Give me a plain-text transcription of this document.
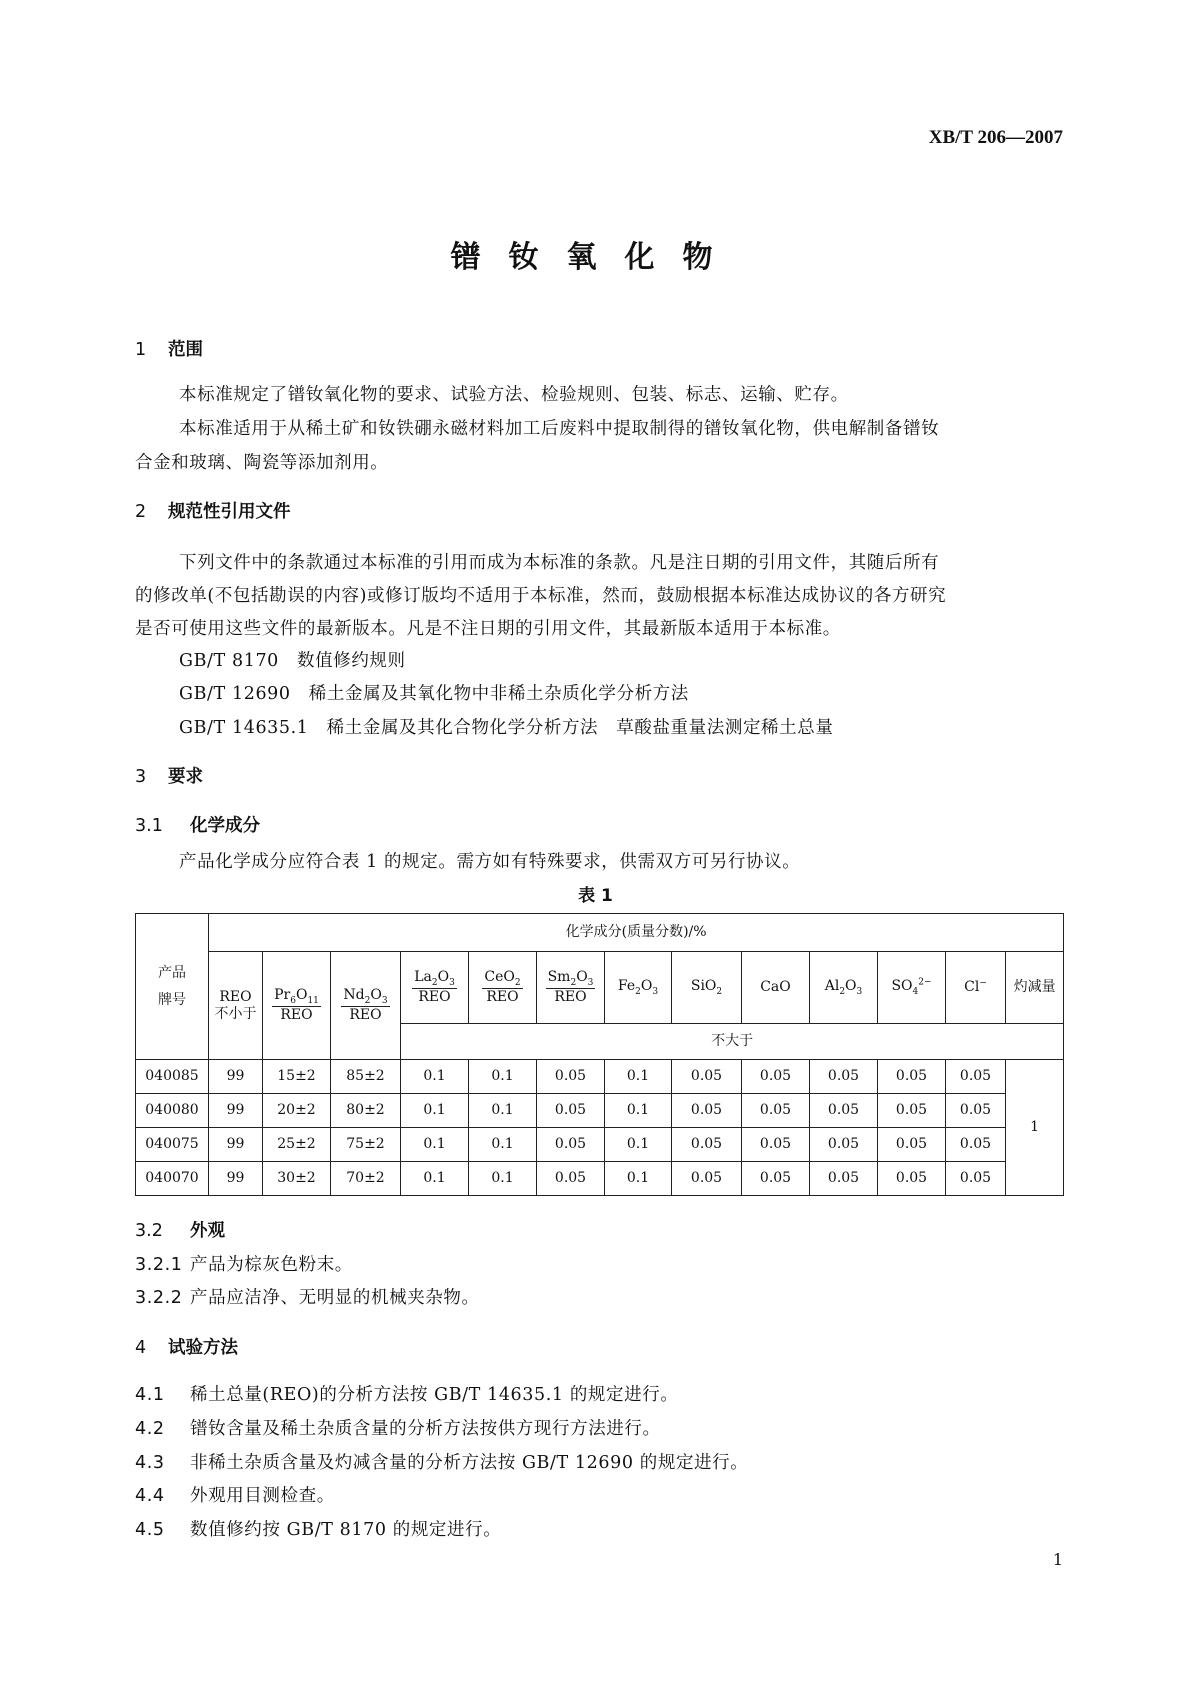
XB/T 206—2007
镨钕氧化物
1 范围
本标准规定了镨钕氧化物的要求、试验方法、检验规则、包装、标志、运输、贮存。
本标准适用于从稀土矿和钕铁硼永磁材料加工后废料中提取制得的镨钕氧化物，供电解制备镨钕
合金和玻璃、陶瓷等添加剂用。
2 规范性引用文件
下列文件中的条款通过本标准的引用而成为本标准的条款。凡是注日期的引用文件，其随后所有
的修改单(不包括勘误的内容)或修订版均不适用于本标准，然而，鼓励根据本标准达成协议的各方研究
是否可使用这些文件的最新版本。凡是不注日期的引用文件，其最新版本适用于本标准。
GB/T 8170　 数值修约规则
GB/T 12690　 稀土金属及其氧化物中非稀土杂质化学分析方法
GB/T 14635.1　 稀土金属及其化合物化学分析方法　草酸盐重量法测定稀土总量
3 要求
3.1 化学成分
产品化学成分应符合表 1 的规定。需方如有特殊要求，供需双方可另行协议。
表 1
产品牌号	化学成分(质量分数)/%												
	REO
不小于	$\frac{Pr_6O_{11}}{\text{REO}}$	$\frac{Nd_2O_3}{\text{REO}}$	$\frac{La_2O_3}{\text{REO}}$	$\frac{CeO_2}{\text{REO}}$	$\frac{Sm_2O_3}{\text{REO}}$	$Fe_2O_3$	SiO$_2$	CaO	$Al_2O_3$	$SO_4^{2-}$	Cl−	灼减量
				不大于									
040085	99	15±2	85±2	0.1	0.1	0.05	0.1	0.05	0.05	0.05	0.05	0.05	1
040080	99	20±2	80±2	0.1	0.1	0.05	0.1	0.05	0.05	0.05	0.05	0.05	
040075	99	25±2	75±2	0.1	0.1	0.05	0.1	0.05	0.05	0.05	0.05	0.05	
040070	99	30±2	70±2	0.1	0.1	0.05	0.1	0.05	0.05	0.05	0.05	0.05	
3.2 外观
3.2.1 产品为棕灰色粉末。
3.2.2 产品应洁净、无明显的机械夹杂物。
4 试验方法
4.1 稀土总量(REO)的分析方法按 GB/T 14635.1 的规定进行。
4.2 镨钕含量及稀土杂质含量的分析方法按供方现行方法进行。
4.3 非稀土杂质含量及灼减含量的分析方法按 GB/T 12690 的规定进行。
4.4 外观用目测检查。
4.5 数值修约按 GB/T 8170 的规定进行。
1
